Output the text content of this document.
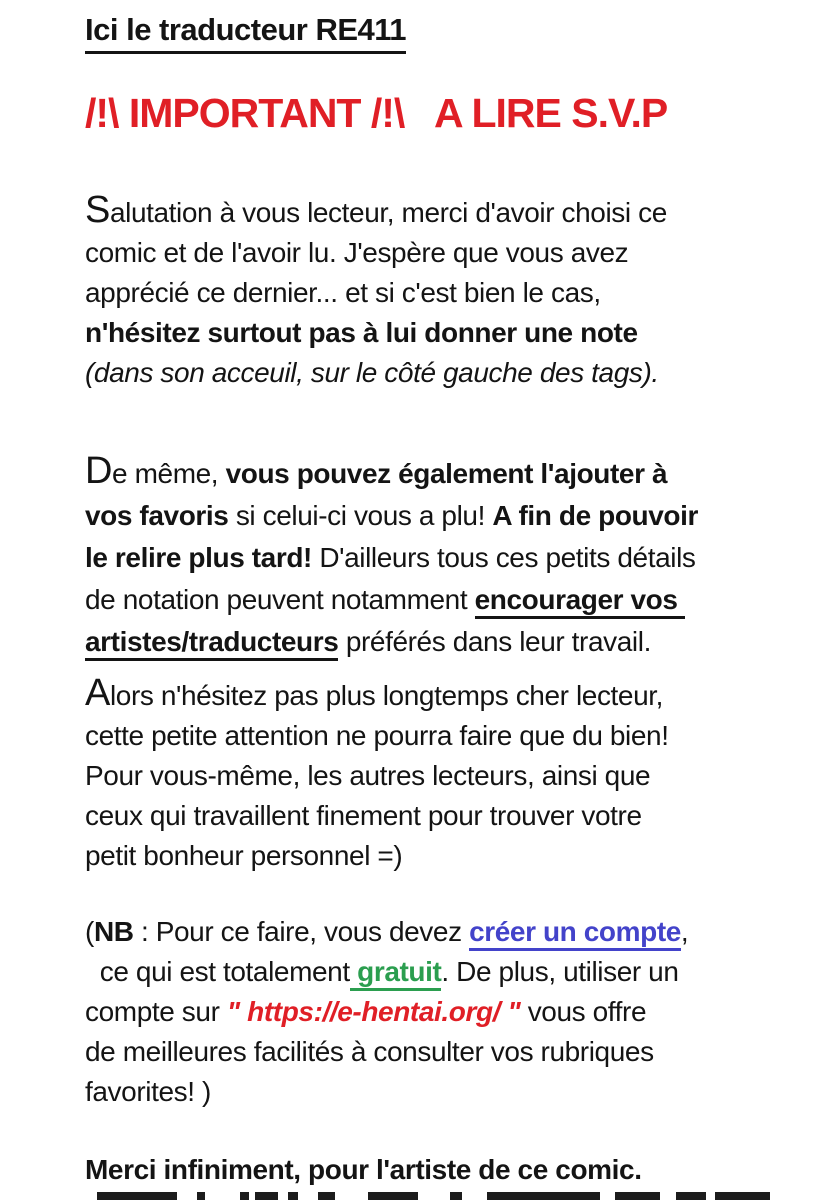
Ici le traducteur RE411
/!\ IMPORTANT /!\   A LIRE S.V.P
Salutation à vous lecteur, merci d'avoir choisi ce
comic et de l'avoir lu. J'espère que vous avez
apprécié ce dernier... et si c'est bien le cas,
n'hésitez surtout pas à lui donner une note
(dans son acceuil, sur le côté gauche des tags).
De même, vous pouvez également l'ajouter à
vos favoris si celui-ci vous a plu! A fin de pouvoir
le relire plus tard! D'ailleurs tous ces petits détails
de notation peuvent notamment encourager vos
artistes/traducteurs préférés dans leur travail.
Alors n'hésitez pas plus longtemps cher lecteur,
cette petite attention ne pourra faire que du bien!
Pour vous-même, les autres lecteurs, ainsi que
ceux qui travaillent finement pour trouver votre
petit bonheur personnel =)
(NB : Pour ce faire, vous devez créer un compte,
ce qui est totalement gratuit. De plus, utiliser un
compte sur " https://e-hentai.org/ " vous offre
de meilleures facilités à consulter vos rubriques
favorites! )
Merci infiniment, pour l'artiste de ce comic.
